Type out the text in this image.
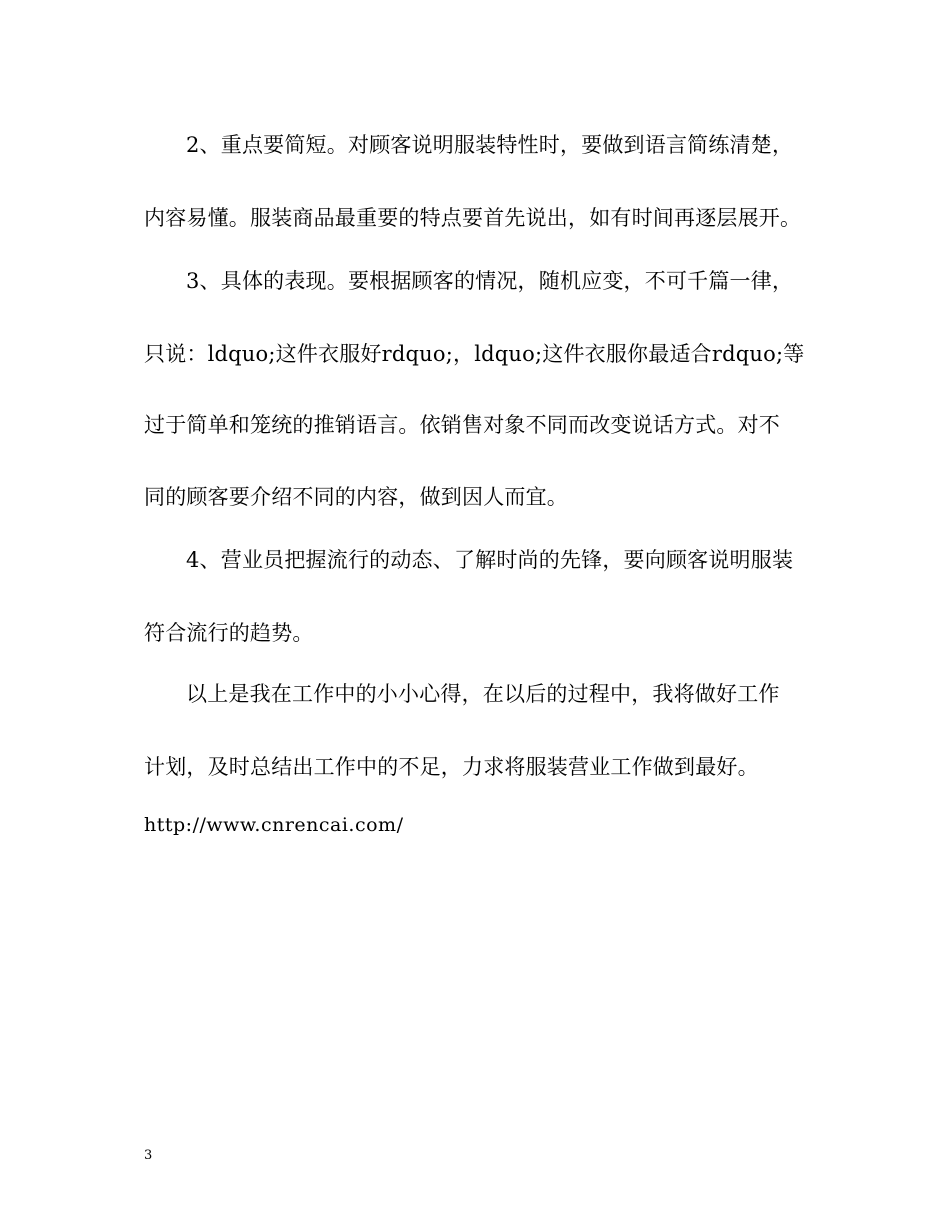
2、重点要简短。对顾客说明服装特性时，要做到语言简练清楚，
内容易懂。服装商品最重要的特点要首先说出，如有时间再逐层展开。
3、具体的表现。要根据顾客的情况，随机应变，不可千篇一律，
只说：ldquo;这件衣服好rdquo;，ldquo;这件衣服你最适合rdquo;等
过于简单和笼统的推销语言。依销售对象不同而改变说话方式。对不
同的顾客要介绍不同的内容，做到因人而宜。
4、营业员把握流行的动态、了解时尚的先锋，要向顾客说明服装
符合流行的趋势。
以上是我在工作中的小小心得，在以后的过程中，我将做好工作
计划，及时总结出工作中的不足，力求将服装营业工作做到最好。
http://www.cnrencai.com/
3
